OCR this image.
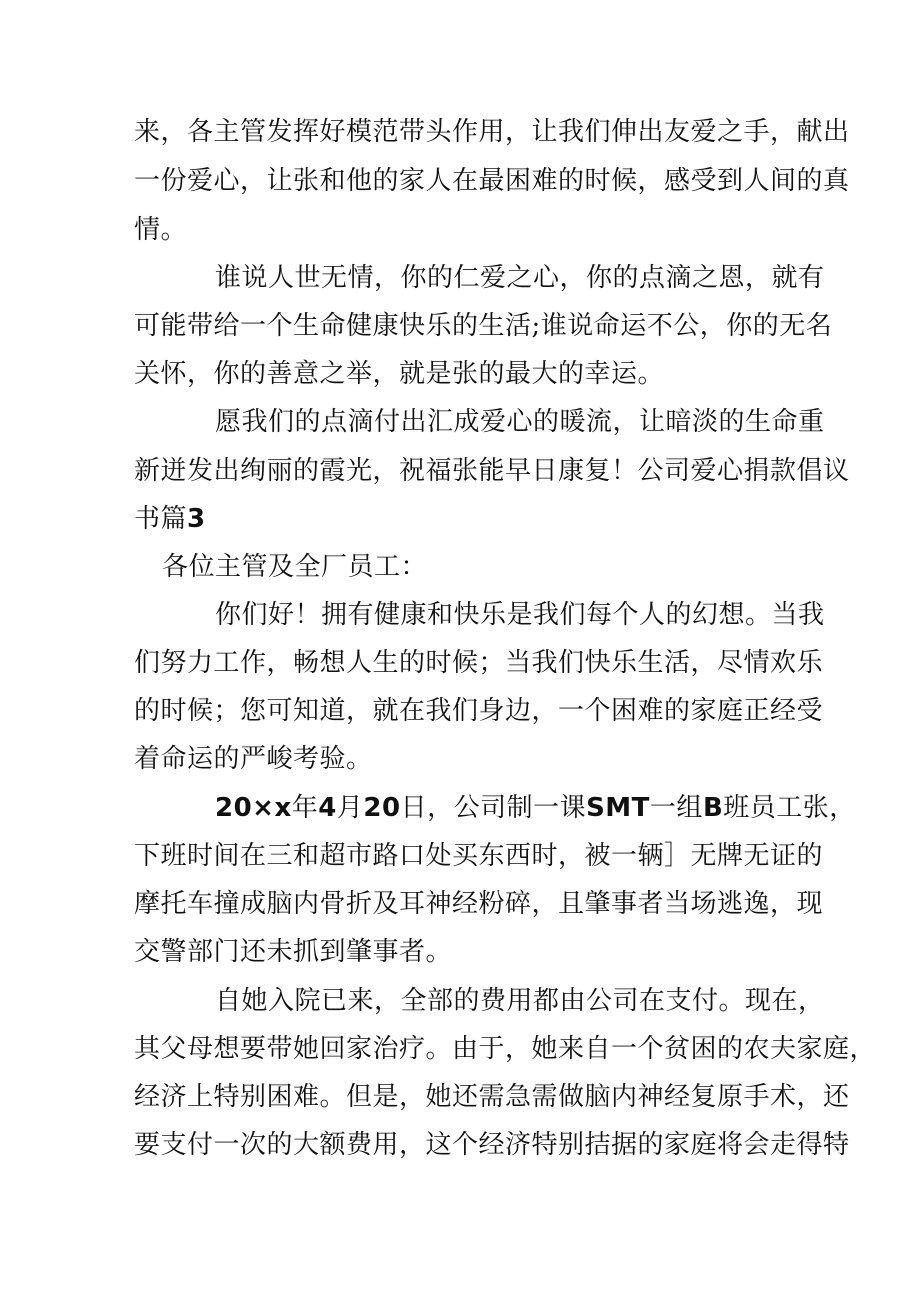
来，各主管发挥好模范带头作用，让我们伸出友爱之手，献出
一份爱心，让张和他的家人在最困难的时候，感受到人间的真
情。
谁说人世无情，你的仁爱之心，你的点滴之恩，就有
可能带给一个生命健康快乐的生活;谁说命运不公，你的无名
关怀，你的善意之举，就是张的最大的幸运。
愿我们的点滴付出汇成爱心的暖流，让暗淡的生命重
新迸发出绚丽的霞光，祝福张能早日康复！公司爱心捐款倡议
书篇3
各位主管及全厂员工：
你们好！拥有健康和快乐是我们每个人的幻想。当我
们努力工作，畅想人生的时候；当我们快乐生活，尽情欢乐
的时候；您可知道，就在我们身边，一个困难的家庭正经受
着命运的严峻考验。
20×x年4月20日，公司制一课SMT一组B班员工张，
下班时间在三和超市路口处买东西时，被一辆］无牌无证的
摩托车撞成脑内骨折及耳神经粉碎，且肇事者当场逃逸，现
交警部门还未抓到肇事者。
自她入院已来，全部的费用都由公司在支付。现在，
其父母想要带她回家治疗。由于，她来自一个贫困的农夫家庭，
经济上特别困难。但是，她还需急需做脑内神经复原手术，还
要支付一次的大额费用，这个经济特别拮据的家庭将会走得特
